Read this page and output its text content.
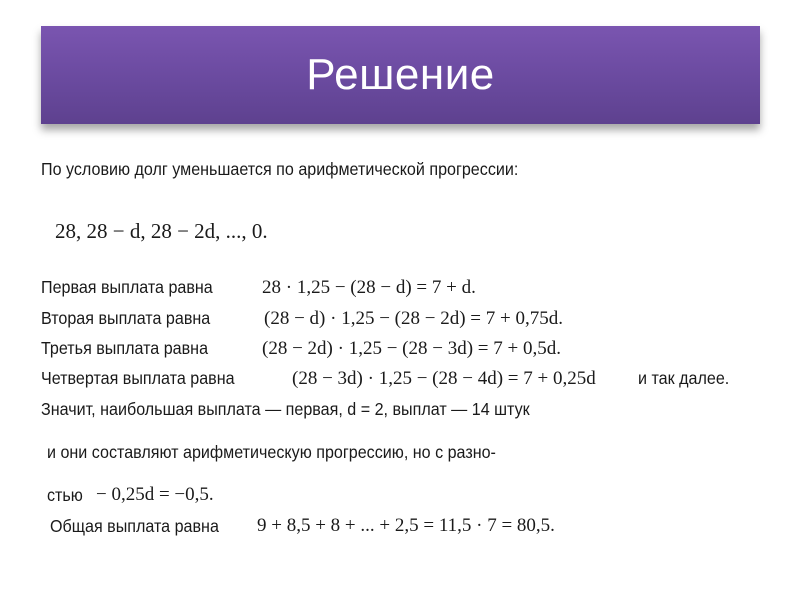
Решение
По условию долг уменьшается по арифметической прогрессии:
28, 28 − d, 28 − 2d, ..., 0.
Первая выплата равна	28 · 1,25 − (28 − d) = 7 + d.
Вторая выплата равна	(28 − d) · 1,25 − (28 − 2d) = 7 + 0,75d.
Третья выплата равна	(28 − 2d) · 1,25 − (28 − 3d) = 7 + 0,5d.
Четвертая выплата равна	(28 − 3d) · 1,25 − (28 − 4d) = 7 + 0,25d и так далее.
Значит, наибольшая выплата — первая, d = 2, выплат — 14 штук
и они составляют арифметическую прогрессию, но с разно-
стью − 0,25d = −0,5.
Общая выплата равна 9 + 8,5 + 8 + ... + 2,5 = 11,5 · 7 = 80,5.
